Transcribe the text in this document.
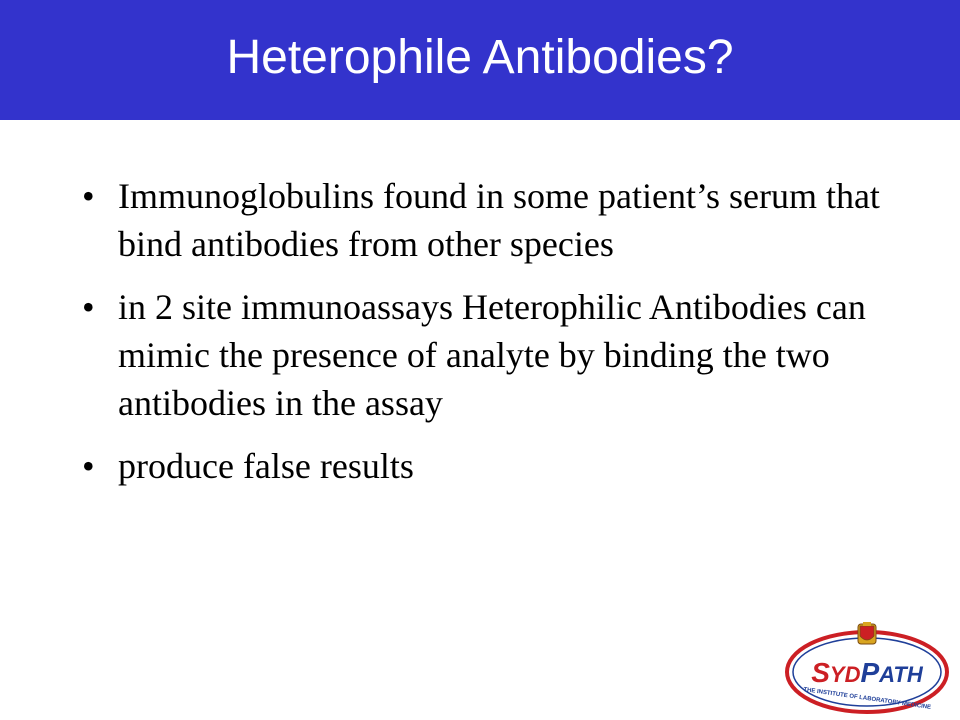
Heterophile Antibodies?
• Immunoglobulins found in some patient’s serum that bind antibodies from other species
• in 2 site immunoassays Heterophilic Antibodies can mimic the presence of analyte by binding the two antibodies in the assay
• produce false results
SYDPATH
THE INSTITUTE OF LABORATORY MEDICINE
